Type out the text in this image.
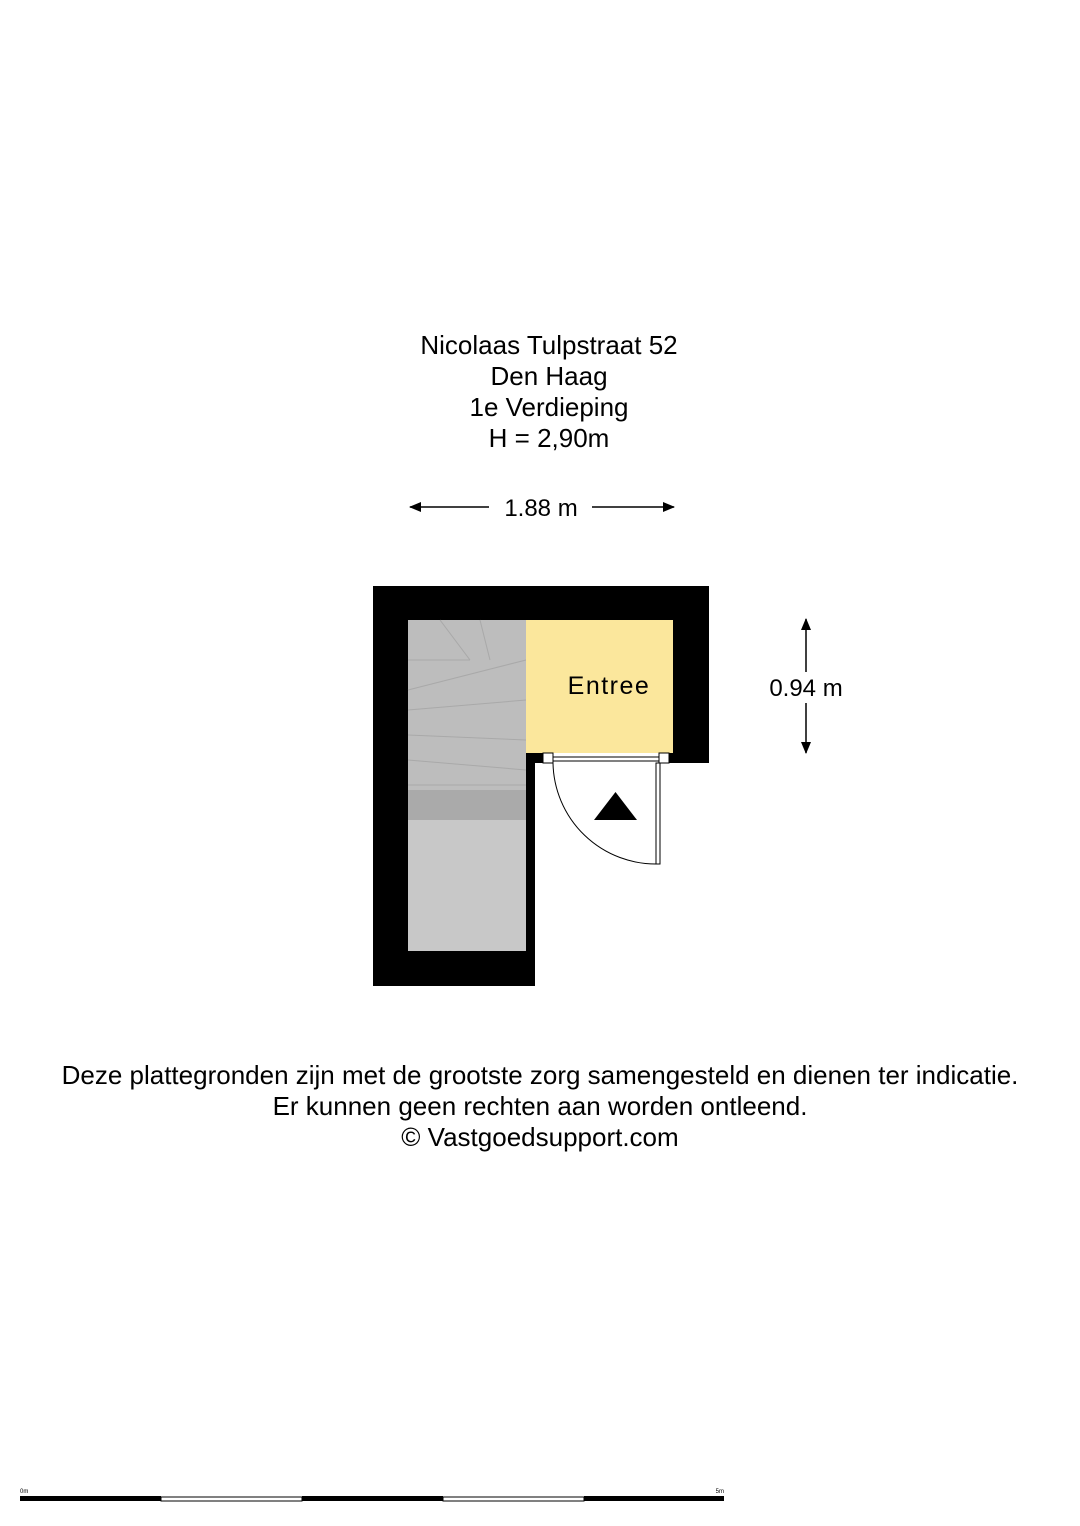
Nicolaas Tulpstraat 52
Den Haag
1e Verdieping
H = 2,90m
1.88 m
0.94 m
Entree
0m	5m
Deze plattegronden zijn met de grootste zorg samengesteld en dienen ter indicatie.
Er kunnen geen rechten aan worden ontleend.
© Vastgoedsupport.com
